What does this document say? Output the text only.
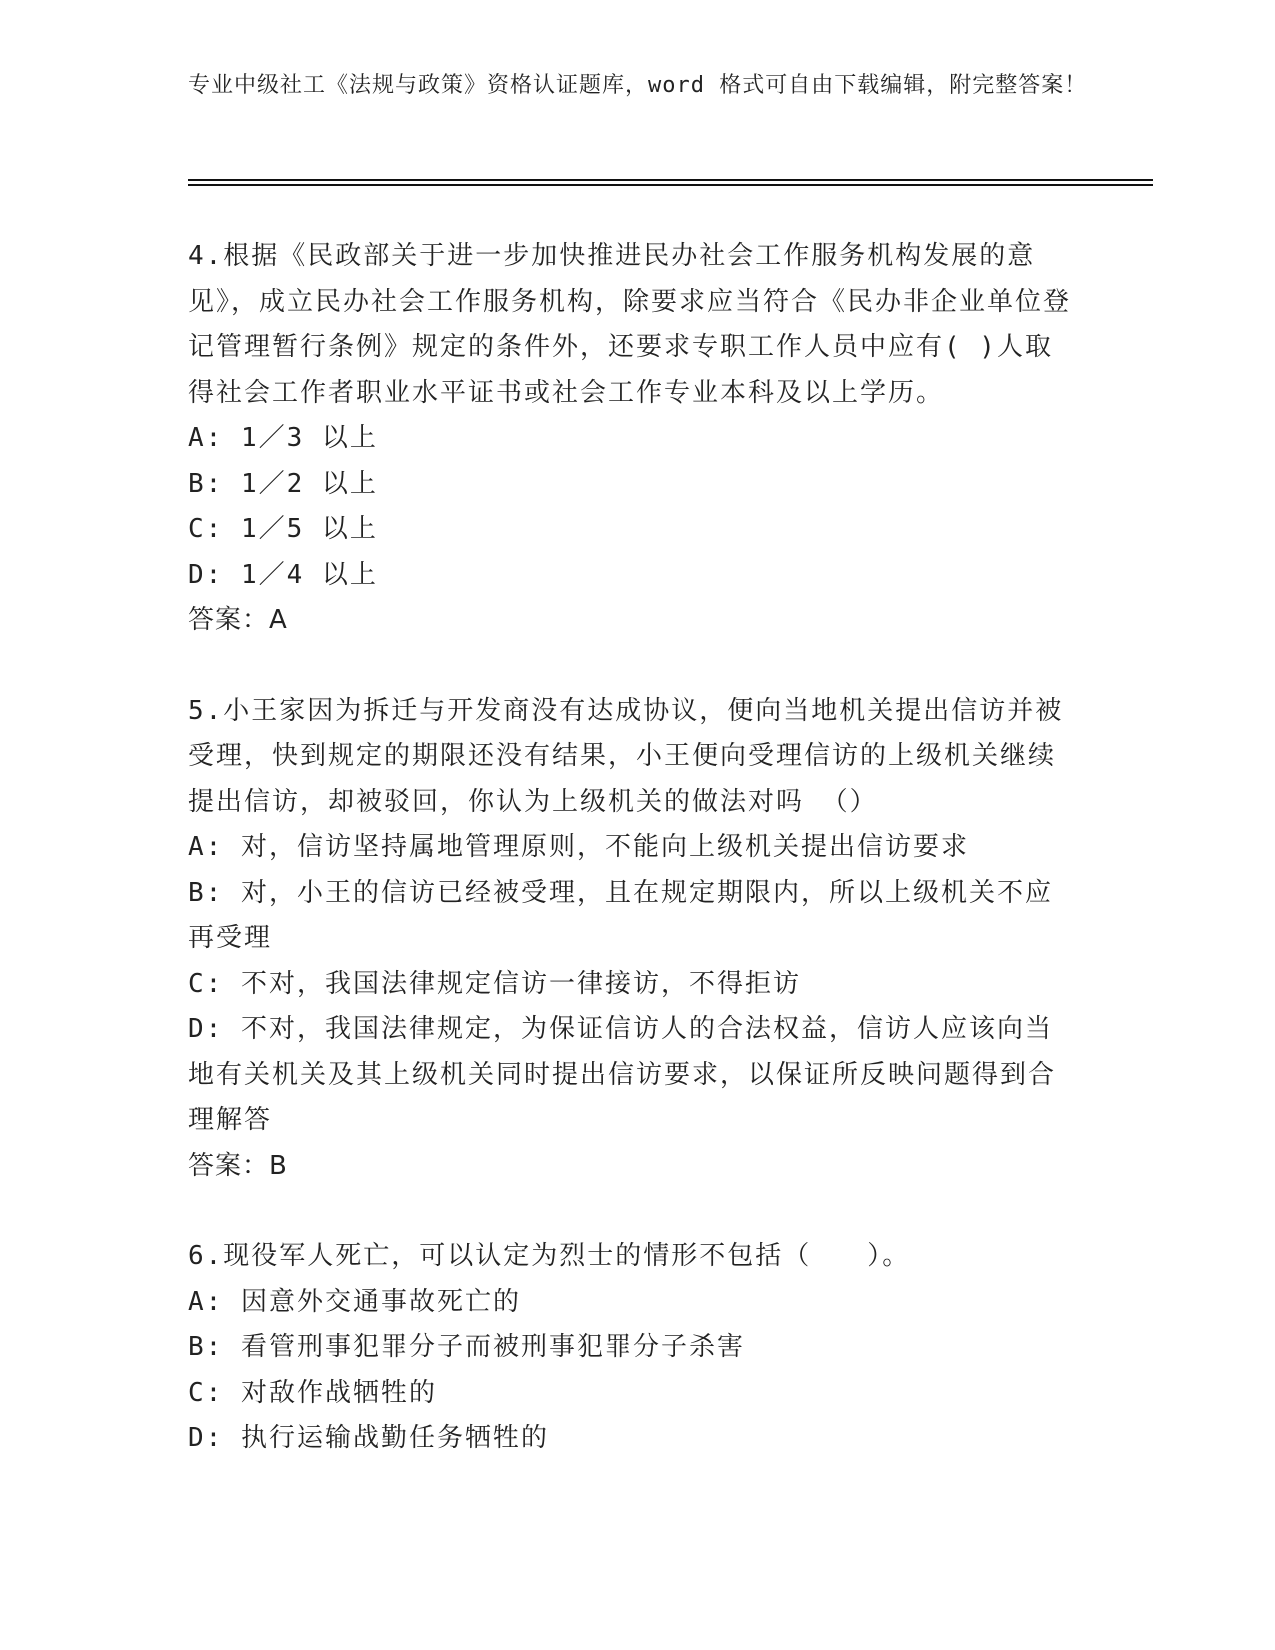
专业中级社工《法规与政策》资格认证题库，word 格式可自由下载编辑，附完整答案！
4.根据《民政部关于进一步加快推进民办社会工作服务机构发展的意见》，成立民办社会工作服务机构，除要求应当符合《民办非企业单位登记管理暂行条例》规定的条件外，还要求专职工作人员中应有( )人取得社会工作者职业水平证书或社会工作专业本科及以上学历。
A: 1／3 以上
B: 1／2 以上
C: 1／5 以上
D: 1／4 以上
答案：A
5.小王家因为拆迁与开发商没有达成协议，便向当地机关提出信访并被受理，快到规定的期限还没有结果，小王便向受理信访的上级机关继续提出信访，却被驳回，你认为上级机关的做法对吗 （）
A: 对，信访坚持属地管理原则，不能向上级机关提出信访要求
B: 对，小王的信访已经被受理，且在规定期限内，所以上级机关不应再受理
C: 不对，我国法律规定信访一律接访，不得拒访
D: 不对，我国法律规定，为保证信访人的合法权益，信访人应该向当地有关机关及其上级机关同时提出信访要求，以保证所反映问题得到合理解答
答案：B
6.现役军人死亡，可以认定为烈士的情形不包括（　　）。
A: 因意外交通事故死亡的
B: 看管刑事犯罪分子而被刑事犯罪分子杀害
C: 对敌作战牺牲的
D: 执行运输战勤任务牺牲的
